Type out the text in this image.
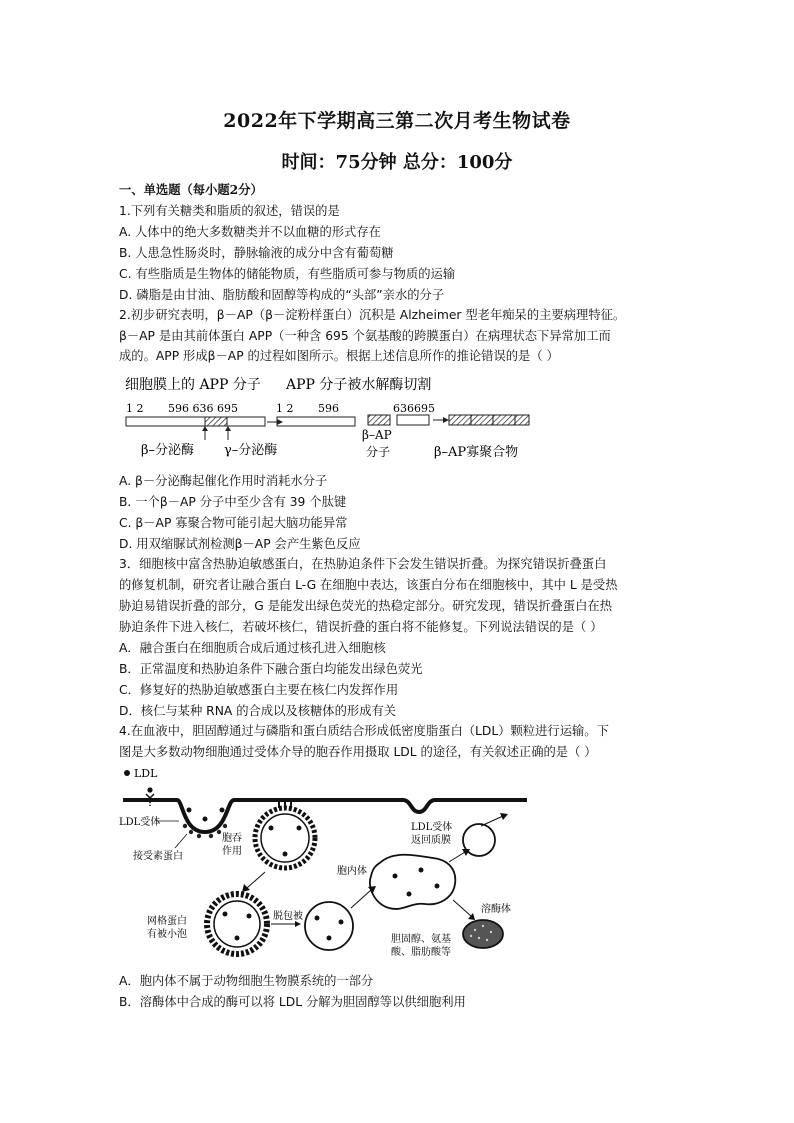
2022年下学期高三第二次月考生物试卷
时间：75分钟 总分：100分
一、单选题（每小题2分）
1.下列有关糖类和脂质的叙述，错误的是
A. 人体中的绝大多数糖类并不以血糖的形式存在
B. 人患急性肠炎时，静脉输液的成分中含有葡萄糖
C. 有些脂质是生物体的储能物质，有些脂质可参与物质的运输
D. 磷脂是由甘油、脂肪酸和固醇等构成的“头部”亲水的分子
2.初步研究表明，β－AP（β－淀粉样蛋白）沉积是 Alzheimer 型老年痴呆的主要病理特征。
β－AP 是由其前体蛋白 APP（一种含 695 个氨基酸的跨膜蛋白）在病理状态下异常加工而
成的。APP 形成β－AP 的过程如图所示。根据上述信息所作的推论错误的是（ ）
细胞膜上的 APP 分子 APP 分子被水解酶切割
1 2       596 636 695	1 2       596	636695
β–分泌酶 γ–分泌酶
β–AP
分子	β–AP寡聚合物
A. β－分泌酶起催化作用时消耗水分子
B. 一个β－AP 分子中至少含有 39 个肽键
C. β－AP 寡聚合物可能引起大脑功能异常
D. 用双缩脲试剂检测β－AP 会产生紫色反应
3．细胞核中富含热胁迫敏感蛋白，在热胁迫条件下会发生错误折叠。为探究错误折叠蛋白
的修复机制，研究者让融合蛋白 L-G 在细胞中表达，该蛋白分布在细胞核中，其中 L 是受热
胁迫易错误折叠的部分，G 是能发出绿色荧光的热稳定部分。研究发现，错误折叠蛋白在热
胁迫条件下进入核仁，若破坏核仁，错误折叠的蛋白将不能修复。下列说法错误的是（ ）
A．融合蛋白在细胞质合成后通过核孔进入细胞核
B．正常温度和热胁迫条件下融合蛋白均能发出绿色荧光
C．修复好的热胁迫敏感蛋白主要在核仁内发挥作用
D．核仁与某种 RNA 的合成以及核糖体的形成有关
4.在血液中，胆固醇通过与磷脂和蛋白质结合形成低密度脂蛋白（LDL）颗粒进行运输。下
图是大多数动物细胞通过受体介导的胞吞作用摄取 LDL 的途径，有关叙述正确的是（ ）
LDL
LDL受体
接受素蛋白
胞吞
作用
网格蛋白
有被小泡
脱包被
胞内体
LDL受体
返回质膜
溶酶体
胆固醇、氨基
酸、脂肪酸等
A．胞内体不属于动物细胞生物膜系统的一部分
B．溶酶体中合成的酶可以将 LDL 分解为胆固醇等以供细胞利用
